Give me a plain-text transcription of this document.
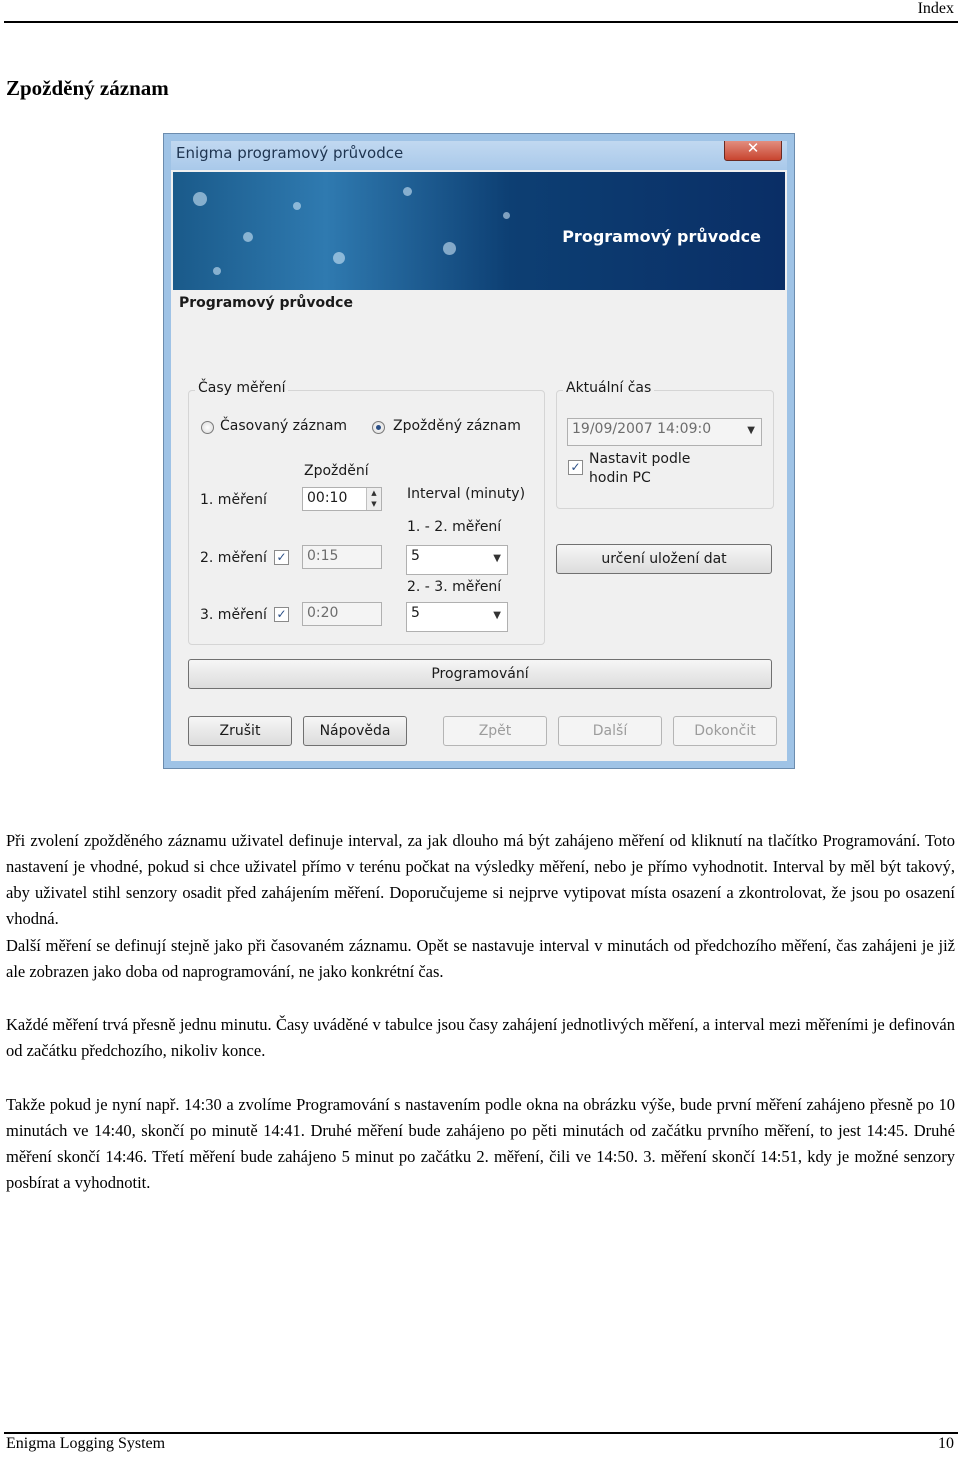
Index
Zpožděný záznam
Enigma programový průvodce	✕
Programový průvodce
Programový průvodce
Časy měření
Časovaný záznam	Zpožděný záznam
Zpoždění
Interval (minuty)
1. měření	00:10	▲
▼
1. - 2. měření
2. měření ✓	0:15	5	▼
2. - 3. měření
3. měření ✓	0:20	5	▼
Aktuální čas
19/09/2007 14:09:0	▼
✓ Nastavit podle
hodin PC
určení uložení dat
Programování
Zrušit	Nápověda	Zpět	Další	Dokončit

Při zvolení zpožděného záznamu uživatel definuje interval, za jak dlouho má být zahájeno měření od kliknutí na tlačítko Programování. Toto nastavení je vhodné, pokud si chce uživatel přímo v terénu počkat na výsledky měření, nebo je přímo vyhodnotit. Interval by měl být takový, aby uživatel stihl senzory osadit před zahájením měření. Doporučujeme si nejprve vytipovat místa osazení a zkontrolovat, že jsou po osazení vhodná.

Další měření se definují stejně jako při časovaném záznamu. Opět se nastavuje interval v minutách od předchozího měření, čas zahájeni je již ale zobrazen jako doba od naprogramování, ne jako konkrétní čas.

Každé měření trvá přesně jednu minutu. Časy uváděné v tabulce jsou časy zahájení jednotlivých měření, a interval mezi měřeními je definován od začátku předchozího, nikoliv konce.

Takže pokud je nyní např. 14:30 a zvolíme Programování s nastavením podle okna na obrázku výše, bude první měření zahájeno přesně po 10 minutách ve 14:40, skončí po minutě 14:41. Druhé měření bude zahájeno po pěti minutách od začátku prvního měření, to jest 14:45. Druhé měření skončí 14:46. Třetí měření bude zahájeno 5 minut po začátku 2. měření, čili ve 14:50. 3. měření skončí 14:51, kdy je možné senzory posbírat a vyhodnotit.

Enigma Logging System	10
